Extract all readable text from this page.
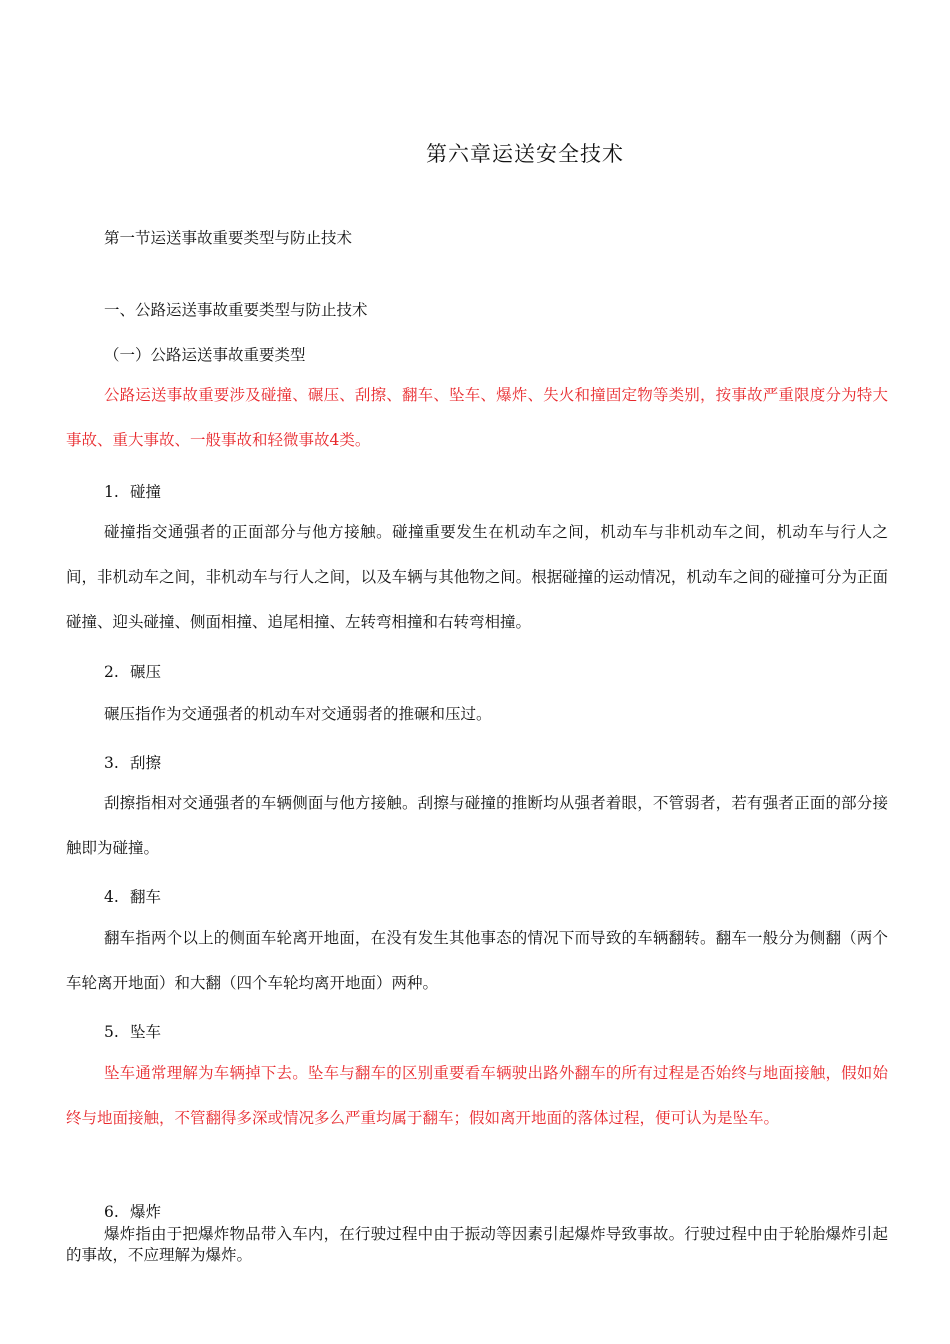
第六章运送安全技术
第一节运送事故重要类型与防止技术
一、公路运送事故重要类型与防止技术
（一）公路运送事故重要类型
公路运送事故重要涉及碰撞、碾压、刮擦、翻车、坠车、爆炸、失火和撞固定物等类别，按事故严重限度分为特大事故、重大事故、一般事故和轻微事故4类。
1. 碰撞
碰撞指交通强者的正面部分与他方接触。碰撞重要发生在机动车之间，机动车与非机动车之间，机动车与行人之间，非机动车之间，非机动车与行人之间，以及车辆与其他物之间。根据碰撞的运动情况，机动车之间的碰撞可分为正面碰撞、迎头碰撞、侧面相撞、追尾相撞、左转弯相撞和右转弯相撞。
2. 碾压
碾压指作为交通强者的机动车对交通弱者的推碾和压过。
3. 刮擦
刮擦指相对交通强者的车辆侧面与他方接触。刮擦与碰撞的推断均从强者着眼，不管弱者，若有强者正面的部分接触即为碰撞。
4. 翻车
翻车指两个以上的侧面车轮离开地面，在没有发生其他事态的情况下而导致的车辆翻转。翻车一般分为侧翻（两个车轮离开地面）和大翻（四个车轮均离开地面）两种。
5. 坠车
坠车通常理解为车辆掉下去。坠车与翻车的区别重要看车辆驶出路外翻车的所有过程是否始终与地面接触，假如始终与地面接触，不管翻得多深或情况多么严重均属于翻车；假如离开地面的落体过程，便可认为是坠车。
6. 爆炸
爆炸指由于把爆炸物品带入车内，在行驶过程中由于振动等因素引起爆炸导致事故。行驶过程中由于轮胎爆炸引起的事故，不应理解为爆炸。
